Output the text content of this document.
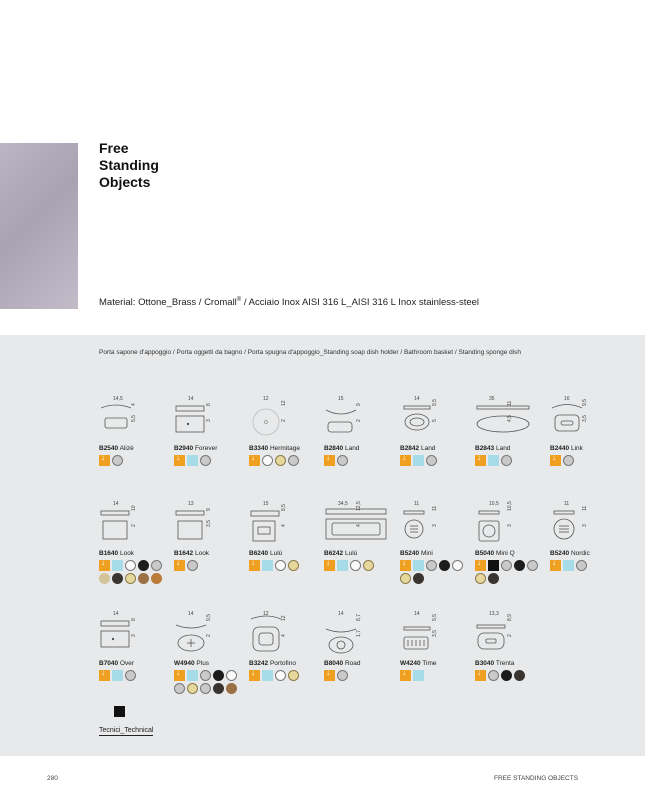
Free
Standing
Objects
Material: Ottone_Brass / Cromall® / Acciaio Inox AISI 316 L_AISI 316 L Inox stainless-steel
Porta sapone d'appoggio / Porta oggetti da bagno / Porta spugna d'appoggio_Standing soap dish holder / Bathroom basket / Standing sponge dish
14,5
5,5
4
B2540 Alizè
↓
14
3
8
B2940 Forever
↓
12
2
12
B3340 Hermitage
↓
15
2
9
B2840 Land
↓
14
5
9,5
B2842 Land
↓
35
4,5
11
B2843 Land
↓
16
3,5
9,5
B2440 Link
↓
14
2
10
B1640 Look
↓
13
3,5
9
B1642 Look
↓
15
4
8,5
B6240 Lulù
↓
34,5
4
12,5
B6242 Lulù
↓
11
3
11
B5240 Mini
↓
10,5
3
10,5
B5040 Mini Q
↓
11
3
11
B5240 Nordic
↓
14
3
8
B7040 Over
↓
14
2
9,5
W4940 Plus
↓
12
4
12
B3242 Portofino
↓
14
1,7
8,7
B8040 Road
↓
14
3,5
9,5
W4240 Time
↓
13,3
2
8,9
B3040 Trenta
↓
Tecnici_Technical
280	FREE STANDING OBJECTS
